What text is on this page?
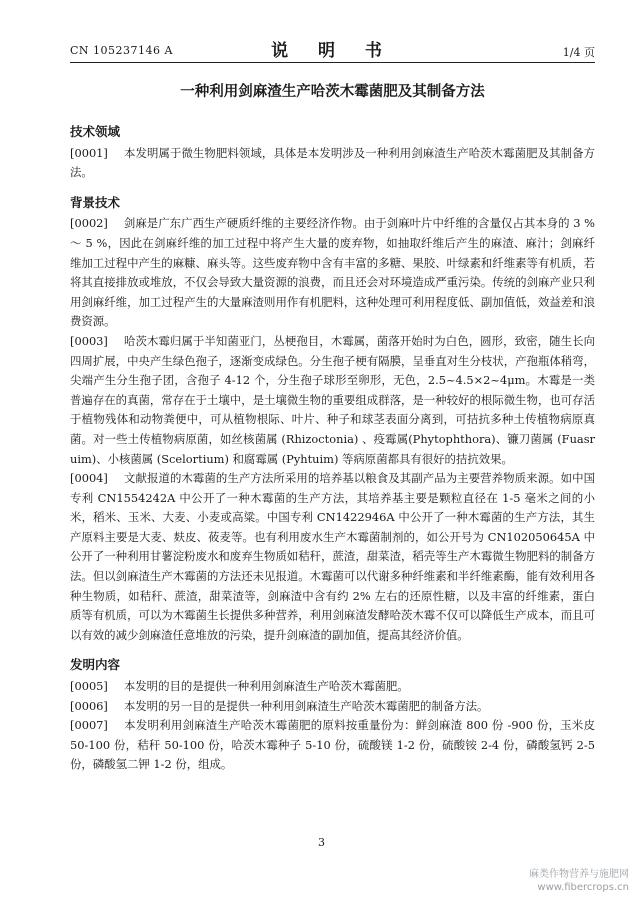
CN 105237146 A	说 明 书	1/4 页
一种利用剑麻渣生产哈茨木霉菌肥及其制备方法
技术领域

[0001] 本发明属于微生物肥料领域，具体是本发明涉及一种利用剑麻渣生产哈茨木霉菌肥及其制备方法。

背景技术

[0002] 剑麻是广东广西生产硬质纤维的主要经济作物。由于剑麻叶片中纤维的含量仅占其本身的 3 %～ 5 %，因此在剑麻纤维的加工过程中将产生大量的废弃物，如抽取纤维后产生的麻渣、麻汁；剑麻纤维加工过程中产生的麻糠、麻头等。这些废弃物中含有丰富的多糖、果胶、叶绿素和纤维素等有机质，若将其直接排放或堆放，不仅会导致大量资源的浪费，而且还会对环境造成严重污染。传统的剑麻产业只利用剑麻纤维，加工过程产生的大量麻渣则用作有机肥料，这种处理可利用程度低、副加值低，效益差和浪费资源。

[0003] 哈茨木霉归属于半知菌亚门，丛梗孢目，木霉属，菌落开始时为白色，圆形，致密，随生长向四周扩展，中央产生绿色孢子，逐渐变成绿色。分生孢子梗有隔膜，呈垂直对生分枝状，产孢瓶体稍弯，尖端产生分生孢子团，含孢子 4-12 个，分生孢子球形至卵形，无色，2.5~4.5×2~4μm。木霉是一类普遍存在的真菌，常存在于土壤中，是土壤微生物的重要组成群落，是一种较好的根际微生物，也可存活于植物残体和动物粪便中，可从植物根际、叶片、种子和球茎表面分离到，可拮抗多种土传植物病原真菌。对一些土传植物病原菌，如丝核菌属 (Rhizoctonia) 、疫霉属(Phytophthora)、镰刀菌属 (Fuasruim)、小核菌属 (Scelortium) 和腐霉属 (Pyhtuim) 等病原菌都具有很好的拮抗效果。

[0004] 文献报道的木霉菌的生产方法所采用的培养基以粮食及其副产品为主要营养物质来源。如中国专利 CN1554242A 中公开了一种木霉菌的生产方法，其培养基主要是颗粒直径在 1-5 毫米之间的小米，稻米、玉米、大麦、小麦或高粱。中国专利 CN1422946A 中公开了一种木霉菌的生产方法，其生产原料主要是大麦、麸皮、莜麦等。也有利用废水生产木霉菌制剂的，如公开号为 CN102050645A 中公开了一种利用甘薯淀粉废水和废弃生物质如秸秆，蔗渣，甜菜渣，稻壳等生产木霉微生物肥料的制备方法。但以剑麻渣生产木霉菌的方法还未见报道。木霉菌可以代谢多种纤维素和半纤维素酶，能有效利用各种生物质，如秸秆、蔗渣，甜菜渣等，剑麻渣中含有约 2% 左右的还原性糖，以及丰富的纤维素，蛋白质等有机质，可以为木霉菌生长提供多种营养，利用剑麻渣发酵哈茨木霉不仅可以降低生产成本，而且可以有效的减少剑麻渣任意堆放的污染，提升剑麻渣的副加值，提高其经济价值。

发明内容

[0005] 本发明的目的是提供一种利用剑麻渣生产哈茨木霉菌肥。

[0006] 本发明的另一目的是提供一种利用剑麻渣生产哈茨木霉菌肥的制备方法。

[0007] 本发明利用剑麻渣生产哈茨木霉菌肥的原料按重量份为：鲜剑麻渣 800 份 -900 份，玉米皮 50-100 份，秸秆 50-100 份，哈茨木霉种子 5-10 份，硫酸镁 1-2 份，硫酸铵 2-4 份，磷酸氢钙 2-5 份，磷酸氢二钾 1-2 份，组成。

3
麻类作物营养与施肥网
www.fibercrops.cn
